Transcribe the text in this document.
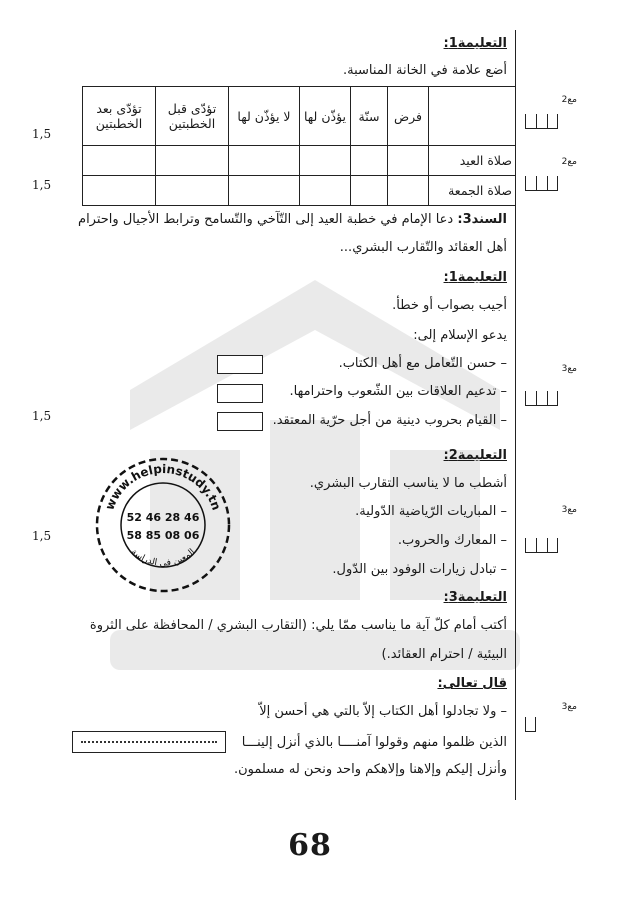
التعليمة1:
أضع علامة في الخانة المناسبة.
	فرض	سنّة	يؤذّن لها	لا يؤذّن لها	تؤدّى قبل الخطبتين	تؤدّى بعد الخطبتين
صلاة العيد						
صلاة الجمعة						
السند3: دعا الإمام في خطبة العيد إلى التّآخي والتّسامح وترابط الأجيال واحترام
أهل العقائد والتّقارب البشري...
التعليمة1:
أجيب بصواب أو خطأ.
يدعو الإسلام إلى:
– حسن التّعامل مع أهل الكتاب.
– تدعيم العلاقات بين الشّعوب واحترامها.
– القيام بحروب دينية من أجل حرّية المعتقد.
التعليمة2:
أشطب ما لا يناسب التقارب البشري.
– المباريات الرّياضية الدّولية.
– المعارك والحروب.
– تبادل زيارات الوفود بين الدّول.
التعليمة3:
أكتب أمام كلّ آية ما يناسب ممّا يلي: (التقارب البشري / المحافظة على الثروة
البيئية / احترام العقائد.)
قال تعالى:
– ولا تجادلوا أهل الكتاب إلاّ بالتي هي أحسن إلاّ
الذين ظلموا منهم وقولوا آمنــــا بالذي أنزل إلينـــا
وأنزل إليكم وإلاهنا وإلاهكم واحد ونحن له مسلمون.
www.helpinstudy.tn
المعين في الدراسة
52 46 28 46
58 85 08 06
1,5
1,5
1,5
1,5
مع2
مع2
مع3
مع3
مع3
68
